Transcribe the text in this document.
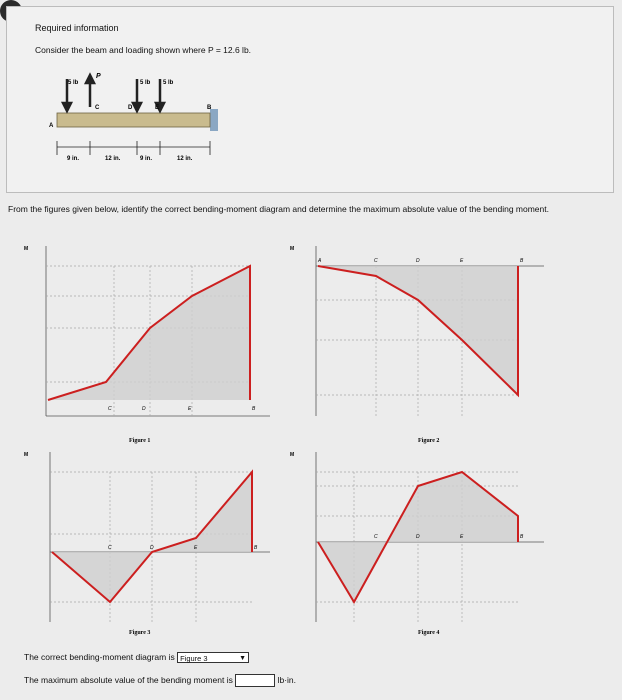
Required information
Consider the beam and loading shown where P = 12.6 lb.
5 lb
P
5 lb 5 lb
A
C	D	E	B
9 in.	12 in.	9 in.	12 in.
From the figures given below, identify the correct bending-moment diagram and determine the maximum absolute value of the bending moment.
M
C	D	E	B
Figure 1
M
A	C	D	E	B
Figure 2
M
C	D	E	B
Figure 3
M
C	D	E	B
Figure 4
The correct bending-moment diagram is Figure 3	▼
The maximum absolute value of the bending moment is	lb·in.
